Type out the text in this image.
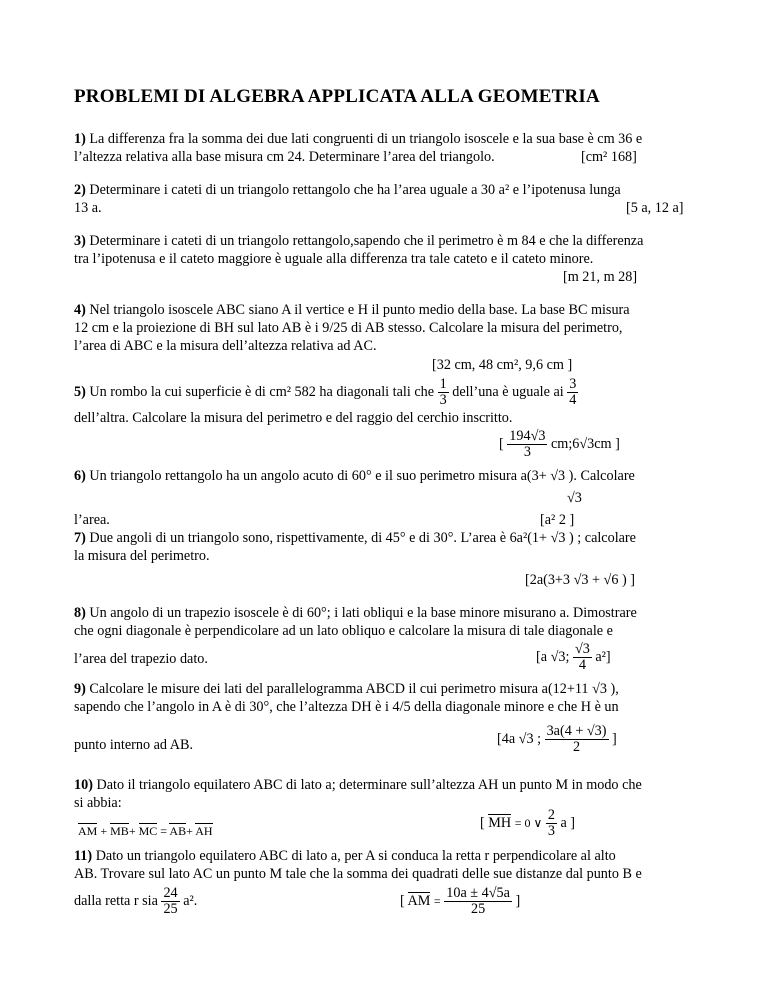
PROBLEMI DI ALGEBRA APPLICATA ALLA GEOMETRIA
1) La differenza fra la somma dei due lati congruenti di un triangolo isoscele e la sua base è cm 36 e
l’altezza relativa alla base misura cm 24. Determinare l’area del triangolo.	[cm² 168]
2) Determinare i cateti di un triangolo rettangolo che ha l’area uguale a 30 a² e l’ipotenusa lunga
13 a.	[5 a, 12 a]
3) Determinare i cateti di un triangolo rettangolo,sapendo che il perimetro è m 84 e che la differenza
tra l’ipotenusa e il cateto maggiore è uguale alla differenza tra tale cateto e il cateto minore.
[m 21, m 28]
4) Nel triangolo isoscele ABC siano A il vertice e H il punto medio della base. La base BC misura
12 cm e la proiezione di BH sul lato AB è i 9/25 di AB stesso. Calcolare la misura del perimetro,
l’area di ABC e la misura dell’altezza relativa ad AC.
[32 cm, 48 cm², 9,6 cm ]
5) Un rombo la cui superficie è di cm² 582 ha diagonali tali che $\frac{1}{3}$ dell’una è uguale ai $\frac{3}{4}$
dell’altra. Calcolare la misura del perimetro e del raggio del cerchio inscritto.
[ $\frac{194√3}{3}$ cm;6√3cm ]
6) Un triangolo rettangolo ha un angolo acuto di 60° e il suo perimetro misura a(3+ √3 ). Calcolare
√3
l’area.	[a² 2 ]
7) Due angoli di un triangolo sono, rispettivamente, di 45° e di 30°. L’area è 6a²(1+ √3 ) ; calcolare
la misura del perimetro.
[2a(3+3 √3 + √6 ) ]
8) Un angolo di un trapezio isoscele è di 60°; i lati obliqui e la base minore misurano a. Dimostrare
che ogni diagonale è perpendicolare ad un lato obliquo e calcolare la misura di tale diagonale e
l’area del trapezio dato.	[a √3; $\frac{√3}{4} a^2$]
9) Calcolare le misure dei lati del parallelogramma ABCD il cui perimetro misura a(12+11 √3 ),
sapendo che l’angolo in A è di 30°, che l’altezza DH è i 4/5 della diagonale minore e che H è un
punto interno ad AB.	[4a √3 ; $\frac{3a(4 + √3)}{2}$ ]
10) Dato il triangolo equilatero ABC di lato a; determinare sull’altezza AH un punto M in modo che
si abbia:
AM + MB+ MC = AB+ AH	[ MH = 0 ∨ $\frac{2}{3}$ a ]
11) Dato un triangolo equilatero ABC di lato a, per A si conduca la retta r perpendicolare al alto
AB. Trovare sul lato AC un punto M tale che la somma dei quadrati delle sue distanze dal punto B e
dalla retta r sia $\frac{24}{25} a^2$.	[ AM = $\frac{10a \pm 4√5a}{25}$ ]
